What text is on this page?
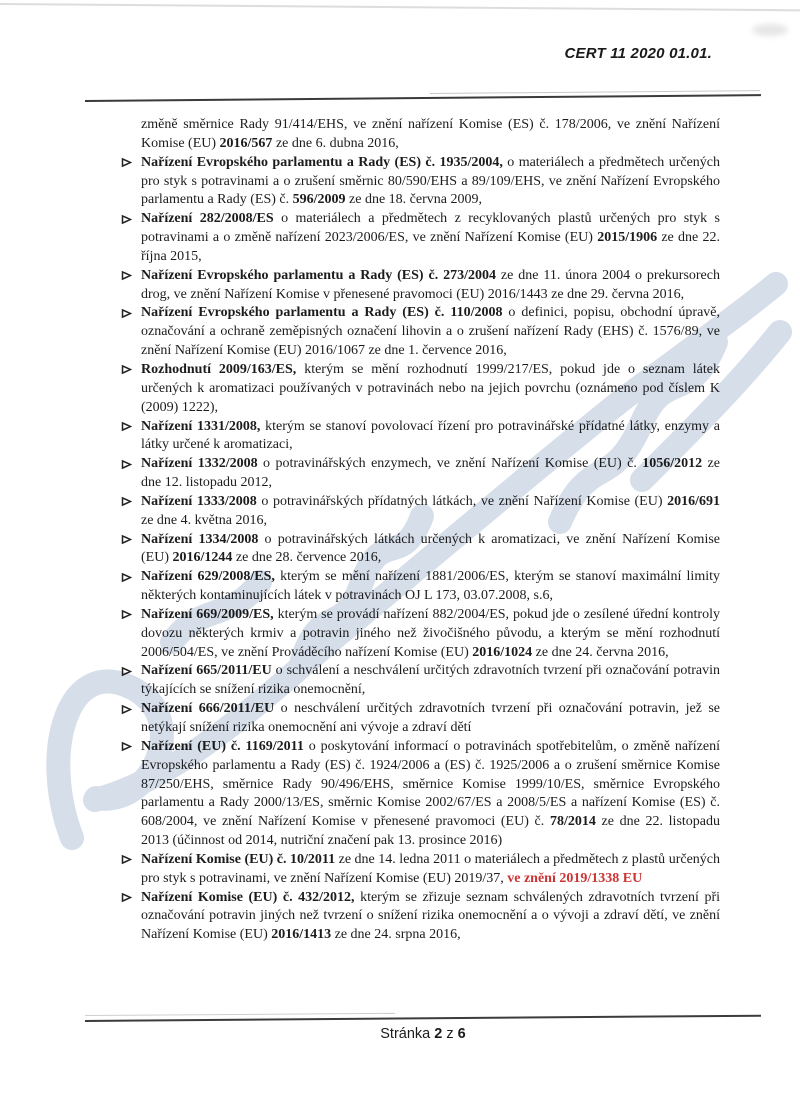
CERT 11 2020 01.01.
změně směrnice Rady 91/414/EHS, ve znění nařízení Komise (ES) č. 178/2006, ve znění Nařízení Komise (EU) 2016/567 ze dne 6. dubna 2016,
Nařízení Evropského parlamentu a Rady (ES) č. 1935/2004, o materiálech a předmětech určených pro styk s potravinami a o zrušení směrnic 80/590/EHS a 89/109/EHS, ve znění Nařízení Evropského parlamentu a Rady (ES) č. 596/2009 ze dne 18. června 2009,
Nařízení 282/2008/ES o materiálech a předmětech z recyklovaných plastů určených pro styk s potravinami a o změně nařízení 2023/2006/ES, ve znění Nařízení Komise (EU) 2015/1906 ze dne 22. října 2015,
Nařízení Evropského parlamentu a Rady (ES) č. 273/2004 ze dne 11. února 2004 o prekursorech drog, ve znění Nařízení Komise v přenesené pravomoci (EU) 2016/1443 ze dne 29. června 2016,
Nařízení Evropského parlamentu a Rady (ES) č. 110/2008 o definici, popisu, obchodní úpravě, označování a ochraně zeměpisných označení lihovin a o zrušení nařízení Rady (EHS) č. 1576/89, ve znění Nařízení Komise (EU) 2016/1067 ze dne 1. července 2016,
Rozhodnutí 2009/163/ES, kterým se mění rozhodnutí 1999/217/ES, pokud jde o seznam látek určených k aromatizaci používaných v potravinách nebo na jejich povrchu (oznámeno pod číslem K (2009) 1222),
Nařízení 1331/2008, kterým se stanoví povolovací řízení pro potravinářské přídatné látky, enzymy a látky určené k aromatizaci,
Nařízení 1332/2008 o potravinářských enzymech, ve znění Nařízení Komise (EU) č. 1056/2012 ze dne 12. listopadu 2012,
Nařízení 1333/2008 o potravinářských přídatných látkách, ve znění Nařízení Komise (EU) 2016/691 ze dne 4. května 2016,
Nařízení 1334/2008 o potravinářských látkách určených k aromatizaci, ve znění Nařízení Komise (EU) 2016/1244 ze dne 28. července 2016,
Nařízení 629/2008/ES, kterým se mění nařízení 1881/2006/ES, kterým se stanoví maximální limity některých kontaminujících látek v potravinách OJ L 173, 03.07.2008, s.6,
Nařízení 669/2009/ES, kterým se provádí nařízení 882/2004/ES, pokud jde o zesílené úřední kontroly dovozu některých krmiv a potravin jiného než živočišného původu, a kterým se mění rozhodnutí 2006/504/ES, ve znění Prováděcího nařízení Komise (EU) 2016/1024 ze dne 24. června 2016,
Nařízení 665/2011/EU o schválení a neschválení určitých zdravotních tvrzení při označování potravin týkajících se snížení rizika onemocnění,
Nařízení 666/2011/EU o neschválení určitých zdravotních tvrzení při označování potravin, jež se netýkají snížení rizika onemocnění ani vývoje a zdraví dětí
Nařízení (EU) č. 1169/2011 o poskytování informací o potravinách spotřebitelům, o změně nařízení Evropského parlamentu a Rady (ES) č. 1924/2006 a (ES) č. 1925/2006 a o zrušení směrnice Komise 87/250/EHS, směrnice Rady 90/496/EHS, směrnice Komise 1999/10/ES, směrnice Evropského parlamentu a Rady 2000/13/ES, směrnic Komise 2002/67/ES a 2008/5/ES a nařízení Komise (ES) č. 608/2004, ve znění Nařízení Komise v přenesené pravomoci (EU) č. 78/2014 ze dne 22. listopadu 2013 (účinnost od 2014, nutriční značení pak 13. prosince 2016)
Nařízení Komise (EU) č. 10/2011 ze dne 14. ledna 2011 o materiálech a předmětech z plastů určených pro styk s potravinami, ve znění Nařízení Komise (EU) 2019/37, ve znění 2019/1338 EU
Nařízení Komise (EU) č. 432/2012, kterým se zřizuje seznam schválených zdravotních tvrzení při označování potravin jiných než tvrzení o snížení rizika onemocnění a o vývoji a zdraví dětí, ve znění Nařízení Komise (EU) 2016/1413 ze dne 24. srpna 2016,
Stránka 2 z 6
